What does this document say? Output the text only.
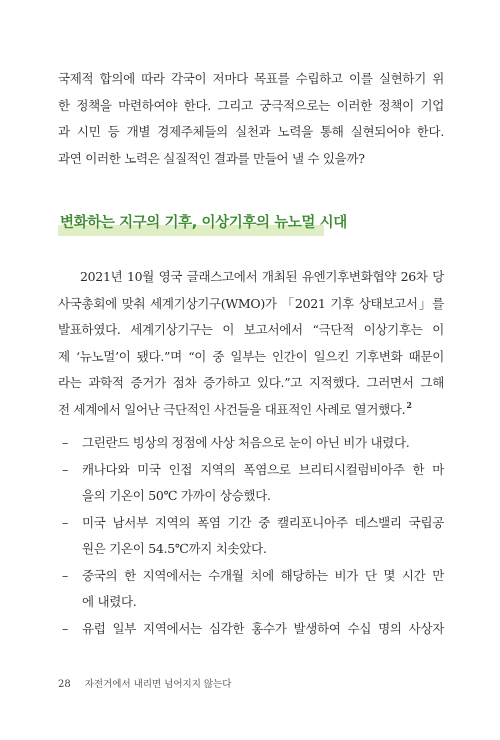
국제적 합의에 따라 각국이 저마다 목표를 수립하고 이를 실현하기 위
한 정책을 마련하여야 한다. 그리고 궁극적으로는 이러한 정책이 기업
과 시민 등 개별 경제주체들의 실천과 노력을 통해 실현되어야 한다.
과연 이러한 노력은 실질적인 결과를 만들어 낼 수 있을까?
변화하는 지구의 기후, 이상기후의 뉴노멀 시대
2021년 10월 영국 글래스고에서 개최된 유엔기후변화협약 26차 당
사국총회에 맞춰 세계기상기구(WMO)가 「2021 기후 상태보고서」를
발표하였다. 세계기상기구는 이 보고서에서 “극단적 이상기후는 이
제 ‘뉴노멀’이 됐다.”며 “이 중 일부는 인간이 일으킨 기후변화 때문이
라는 과학적 증거가 점차 증가하고 있다.”고 지적했다. 그러면서 그해
전 세계에서 일어난 극단적인 사건들을 대표적인 사례로 열거했다.$^2$
–	그린란드 빙상의 정점에 사상 처음으로 눈이 아닌 비가 내렸다.
–	캐나다와 미국 인접 지역의 폭염으로 브리티시컬럼비아주 한 마
을의 기온이 50℃ 가까이 상승했다.
–	미국 남서부 지역의 폭염 기간 중 캘리포니아주 데스밸리 국립공
원은 기온이 54.5℃까지 치솟았다.
–	중국의 한 지역에서는 수개월 치에 해당하는 비가 단 몇 시간 만
에 내렸다.
–	유럽 일부 지역에서는 심각한 홍수가 발생하여 수십 명의 사상자
28 자전거에서 내리면 넘어지지 않는다
